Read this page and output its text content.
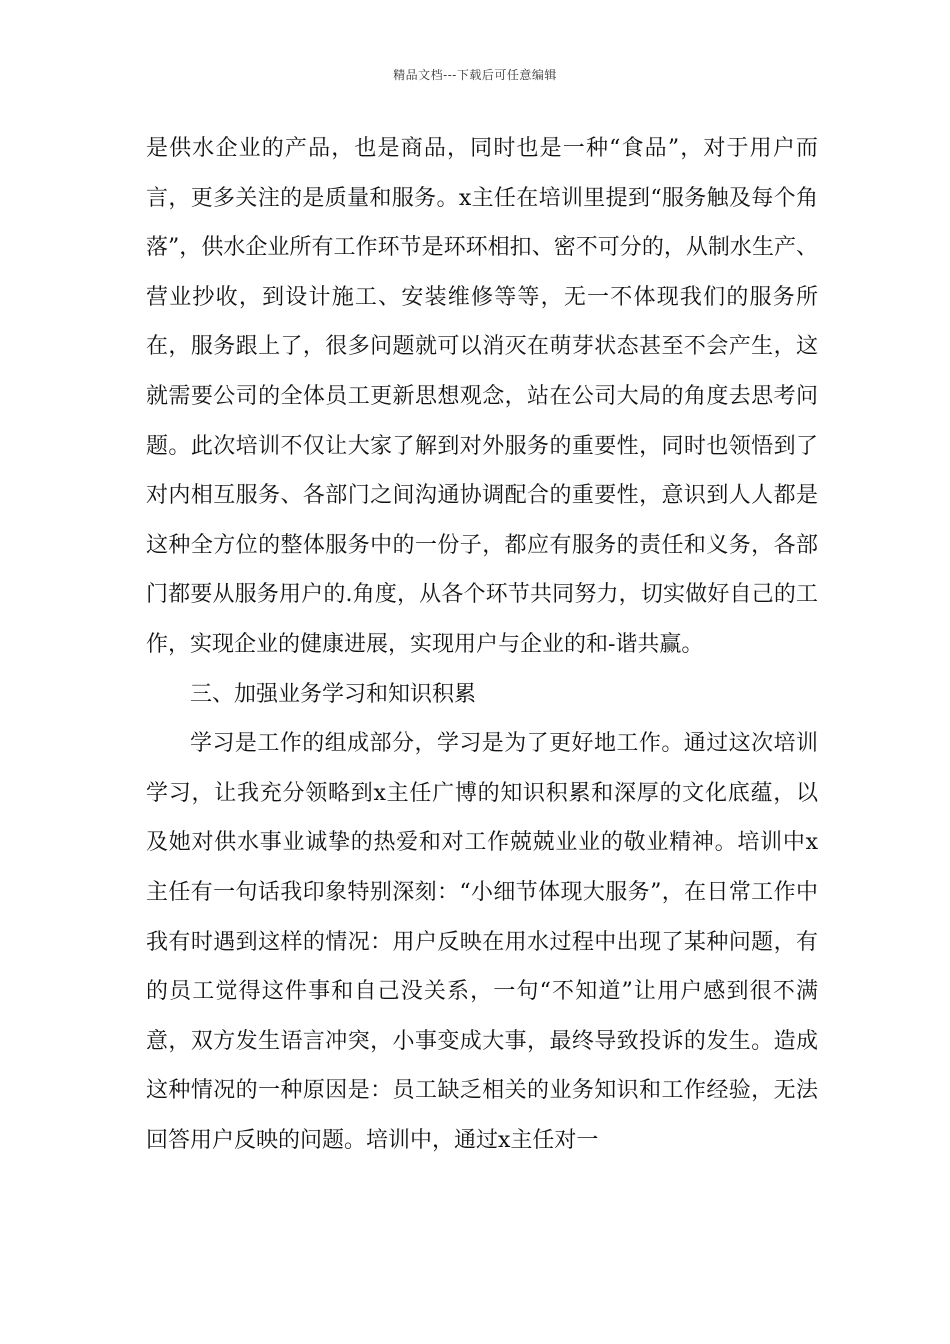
精品文档---下载后可任意编辑

是供水企业的产品，也是商品，同时也是一种“食品”，对于用户而言，更多关注的是质量和服务。x主任在培训里提到“服务触及每个角落”，供水企业所有工作环节是环环相扣、密不可分的，从制水生产、营业抄收，到设计施工、安装维修等等，无一不体现我们的服务所在，服务跟上了，很多问题就可以消灭在萌芽状态甚至不会产生，这就需要公司的全体员工更新思想观念，站在公司大局的角度去思考问题。此次培训不仅让大家了解到对外服务的重要性，同时也领悟到了对内相互服务、各部门之间沟通协调配合的重要性，意识到人人都是这种全方位的整体服务中的一份子，都应有服务的责任和义务，各部门都要从服务用户的.角度，从各个环节共同努力，切实做好自己的工作，实现企业的健康进展，实现用户与企业的和-谐共赢。

三、加强业务学习和知识积累

学习是工作的组成部分，学习是为了更好地工作。通过这次培训学习，让我充分领略到x主任广博的知识积累和深厚的文化底蕴，以及她对供水事业诚挚的热爱和对工作兢兢业业的敬业精神。培训中x主任有一句话我印象特别深刻：“小细节体现大服务”，在日常工作中我有时遇到这样的情况：用户反映在用水过程中出现了某种问题，有的员工觉得这件事和自己没关系，一句“不知道”让用户感到很不满意，双方发生语言冲突，小事变成大事，最终导致投诉的发生。造成这种情况的一种原因是：员工缺乏相关的业务知识和工作经验，无法回答用户反映的问题。培训中，通过x主任对一
